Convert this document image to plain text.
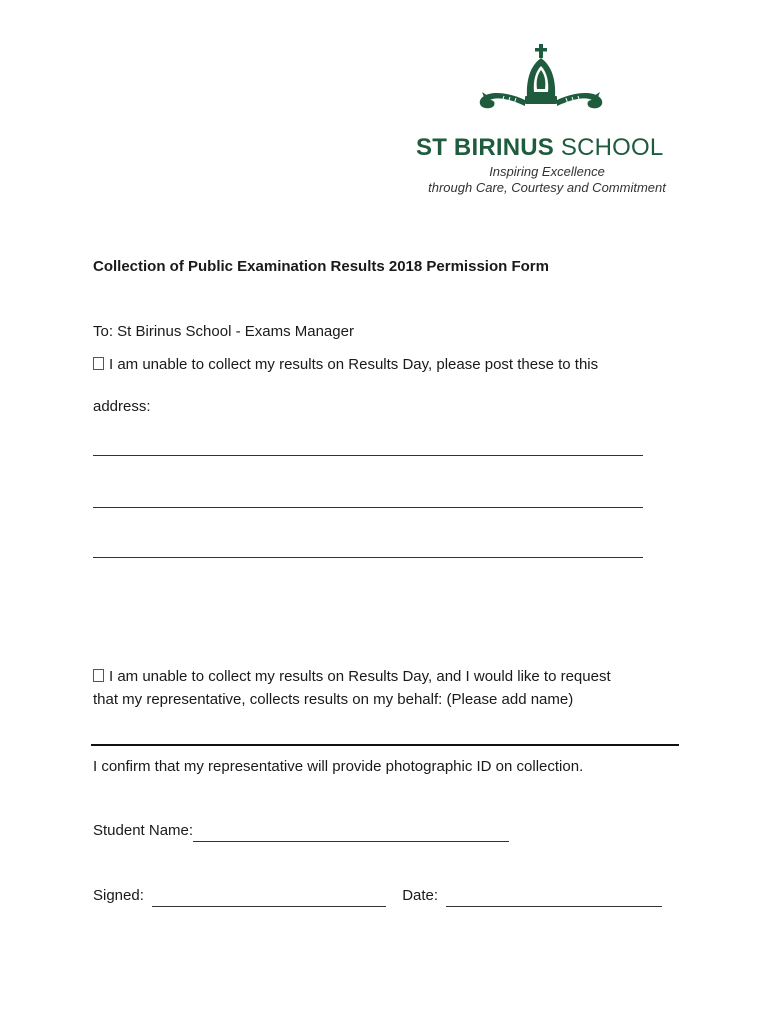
ST BIRINUS SCHOOL
Inspiring Excellence
through Care, Courtesy and Commitment
Collection of Public Examination Results 2018 Permission Form
To: St Birinus School - Exams Manager
I am unable to collect my results on Results Day, please post these to this
address:
I am unable to collect my results on Results Day, and I would like to request
that my representative, collects results on my behalf: (Please add name)
I confirm that my representative will provide photographic ID on collection.
Student Name:
Signed:	Date:
